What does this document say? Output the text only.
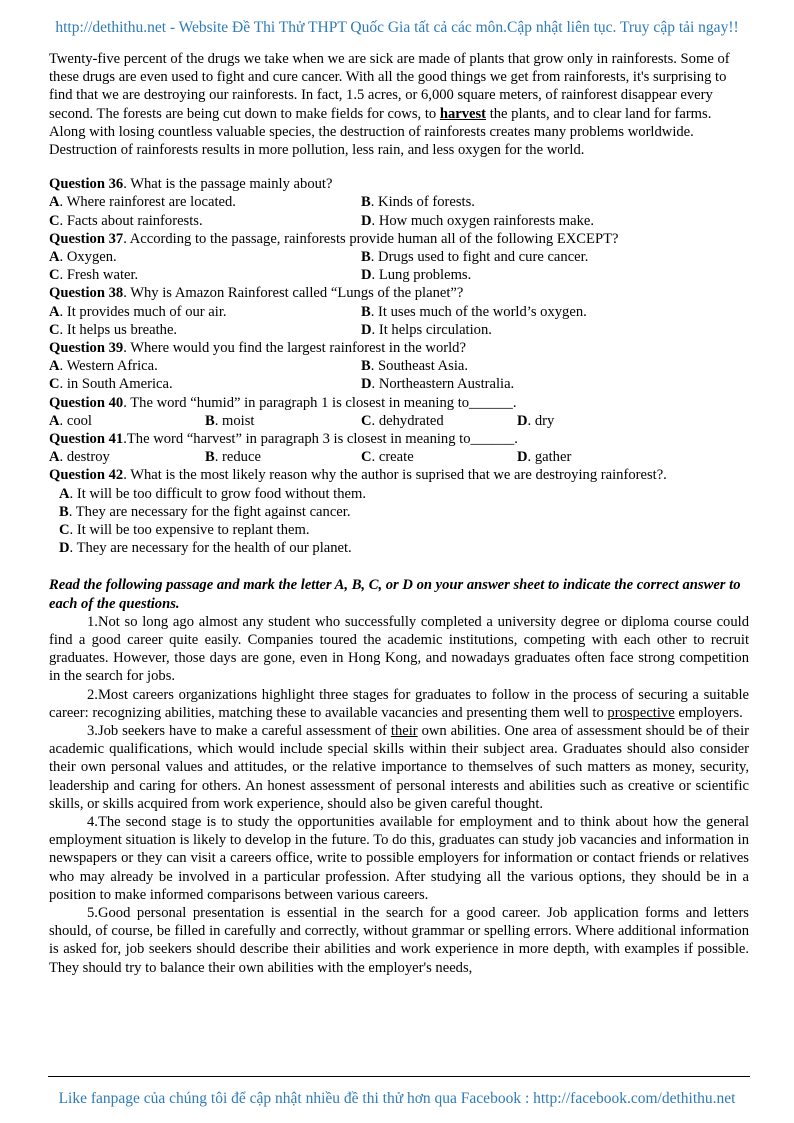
http://dethithu.net - Website Đề Thi Thử THPT Quốc Gia tất cả các môn.Cập nhật liên tục. Truy cập tải ngay!!
Twenty-five percent of the drugs we take when we are sick are made of plants that grow only in rainforests. Some of these drugs are even used to fight and cure cancer. With all the good things we get from rainforests, it's surprising to find that we are destroying our rainforests. In fact, 1.5 acres, or 6,000 square meters, of rainforest disappear every second. The forests are being cut down to make fields for cows, to harvest the plants, and to clear land for farms. Along with losing countless valuable species, the destruction of rainforests creates many problems worldwide. Destruction of rainforests results in more pollution, less rain, and less oxygen for the world.
Question 36. What is the passage mainly about?
A. Where rainforest are located.	B. Kinds of forests.
C. Facts about rainforests.	D. How much oxygen rainforests make.
Question 37. According to the passage, rainforests provide human all of the following EXCEPT?
A. Oxygen.	B. Drugs used to fight and cure cancer.
C. Fresh water.	D. Lung problems.
Question 38. Why is Amazon Rainforest called “Lungs of the planet”?
A. It provides much of our air.	B. It uses much of the world’s oxygen.
C. It helps us breathe.	D. It helps circulation.
Question 39. Where would you find the largest rainforest in the world?
A. Western Africa.	B. Southeast Asia.
C. in South America.	D. Northeastern Australia.
Question 40. The word “humid” in paragraph 1 is closest in meaning to______.
A. cool	B. moist	C. dehydrated	D. dry
Question 41.The word “harvest” in paragraph 3 is closest in meaning to______.
A. destroy	B. reduce	C. create	D. gather
Question 42. What is the most likely reason why the author is suprised that we are destroying rainforest?.
A. It will be too difficult to grow food without them.
B. They are necessary for the fight against cancer.
C. It will be too expensive to replant them.
D. They are necessary for the health of our planet.
Read the following passage and mark the letter A, B, C, or D on your answer sheet to indicate the correct answer to each of the questions.
1.Not so long ago almost any student who successfully completed a university degree or diploma course could find a good career quite easily. Companies toured the academic institutions, competing with each other to recruit graduates. However, those days are gone, even in Hong Kong, and nowadays graduates often face strong competition in the search for jobs.
2.Most careers organizations highlight three stages for graduates to follow in the process of securing a suitable career: recognizing abilities, matching these to available vacancies and presenting them well to prospective employers.
3.Job seekers have to make a careful assessment of their own abilities. One area of assessment should be of their academic qualifications, which would include special skills within their subject area. Graduates should also consider their own personal values and attitudes, or the relative importance to themselves of such matters as money, security, leadership and caring for others. An honest assessment of personal interests and abilities such as creative or scientific skills, or skills acquired from work experience, should also be given careful thought.
4.The second stage is to study the opportunities available for employment and to think about how the general employment situation is likely to develop in the future. To do this, graduates can study job vacancies and information in newspapers or they can visit a careers office, write to possible employers for information or contact friends or relatives who may already be involved in a particular profession. After studying all the various options, they should be in a position to make informed comparisons between various careers.
5.Good personal presentation is essential in the search for a good career. Job application forms and letters should, of course, be filled in carefully and correctly, without grammar or spelling errors. Where additional information is asked for, job seekers should describe their abilities and work experience in more depth, with examples if possible. They should try to balance their own abilities with the employer's needs,
Like fanpage của chúng tôi để cập nhật nhiều đề thi thử hơn qua Facebook : http://facebook.com/dethithu.net
